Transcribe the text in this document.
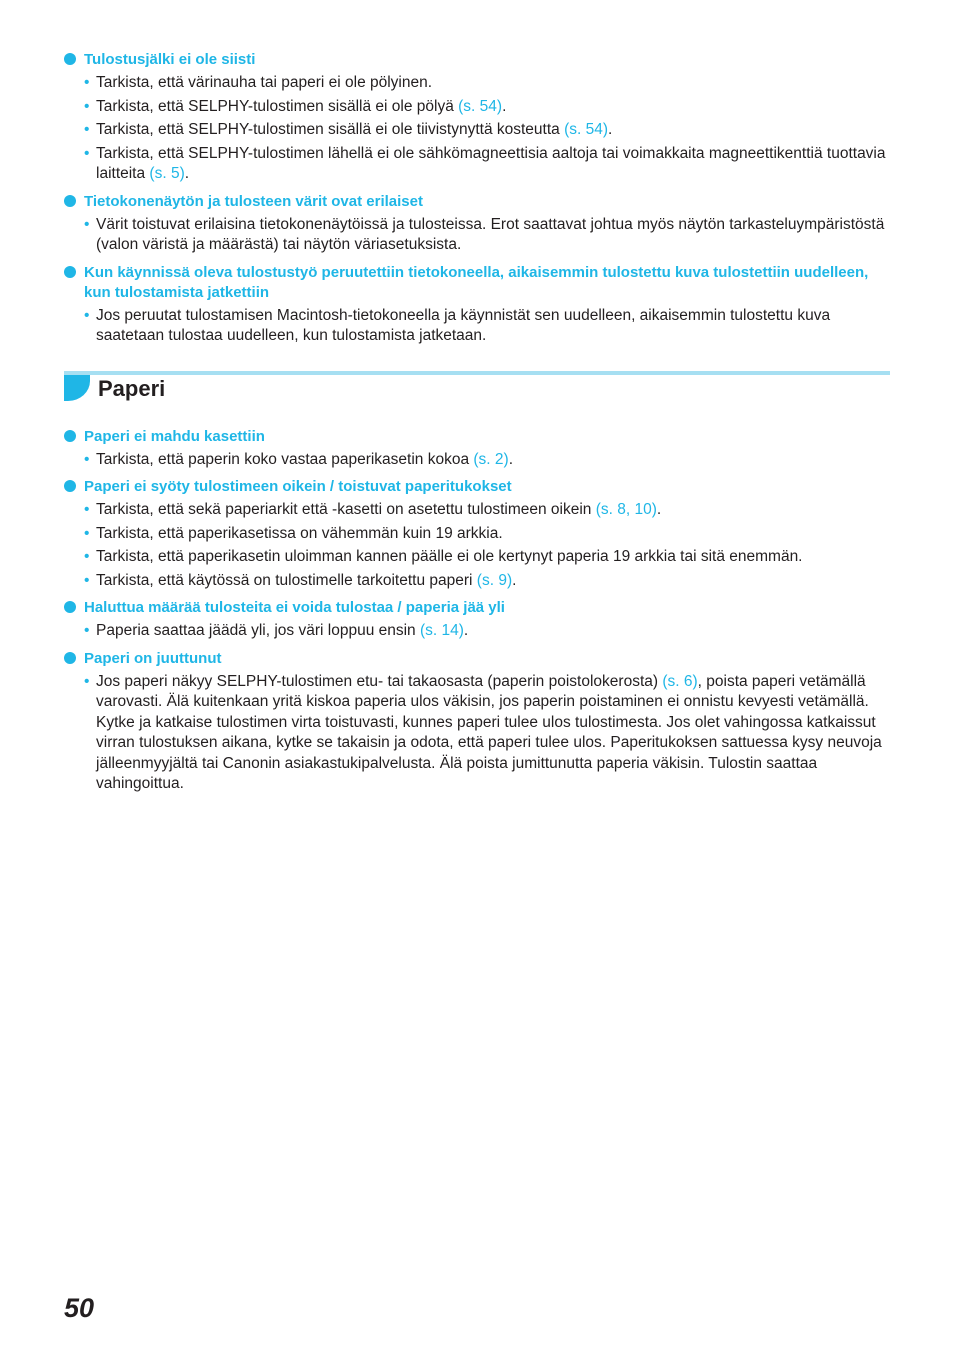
Tulostusjälki ei ole siisti
• Tarkista, että värinauha tai paperi ei ole pölyinen.
• Tarkista, että SELPHY-tulostimen sisällä ei ole pölyä (s. 54).
• Tarkista, että SELPHY-tulostimen sisällä ei ole tiivistynyttä kosteutta (s. 54).
• Tarkista, että SELPHY-tulostimen lähellä ei ole sähkömagneettisia aaltoja tai voimakkaita magneettikenttiä tuottavia laitteita (s. 5).
Tietokonenäytön ja tulosteen värit ovat erilaiset
• Värit toistuvat erilaisina tietokonenäytöissä ja tulosteissa. Erot saattavat johtua myös näytön tarkasteluympäristöstä (valon väristä ja määrästä) tai näytön väriasetuksista.
Kun käynnissä oleva tulostustyö peruutettiin tietokoneella, aikaisemmin tulostettu kuva tulostettiin uudelleen, kun tulostamista jatkettiin
• Jos peruutat tulostamisen Macintosh-tietokoneella ja käynnistät sen uudelleen, aikaisemmin tulostettu kuva saatetaan tulostaa uudelleen, kun tulostamista jatketaan.
Paperi
Paperi ei mahdu kasettiin
• Tarkista, että paperin koko vastaa paperikasetin kokoa (s. 2).
Paperi ei syöty tulostimeen oikein / toistuvat paperitukokset
• Tarkista, että sekä paperiarkit että -kasetti on asetettu tulostimeen oikein (s. 8, 10).
• Tarkista, että paperikasetissa on vähemmän kuin 19 arkkia.
• Tarkista, että paperikasetin uloimman kannen päälle ei ole kertynyt paperia 19 arkkia tai sitä enemmän.
• Tarkista, että käytössä on tulostimelle tarkoitettu paperi (s. 9).
Haluttua määrää tulosteita ei voida tulostaa / paperia jää yli
• Paperia saattaa jäädä yli, jos väri loppuu ensin (s. 14).
Paperi on juuttunut
• Jos paperi näkyy SELPHY-tulostimen etu- tai takaosasta (paperin poistolokerosta) (s. 6), poista paperi vetämällä varovasti. Älä kuitenkaan yritä kiskoa paperia ulos väkisin, jos paperin poistaminen ei onnistu kevyesti vetämällä. Kytke ja katkaise tulostimen virta toistuvasti, kunnes paperi tulee ulos tulostimesta. Jos olet vahingossa katkaissut virran tulostuksen aikana, kytke se takaisin ja odota, että paperi tulee ulos. Paperitukoksen sattuessa kysy neuvoja jälleenmyyjältä tai Canonin asiakastukipalvelusta. Älä poista jumittunutta paperia väkisin. Tulostin saattaa vahingoittua.
50
